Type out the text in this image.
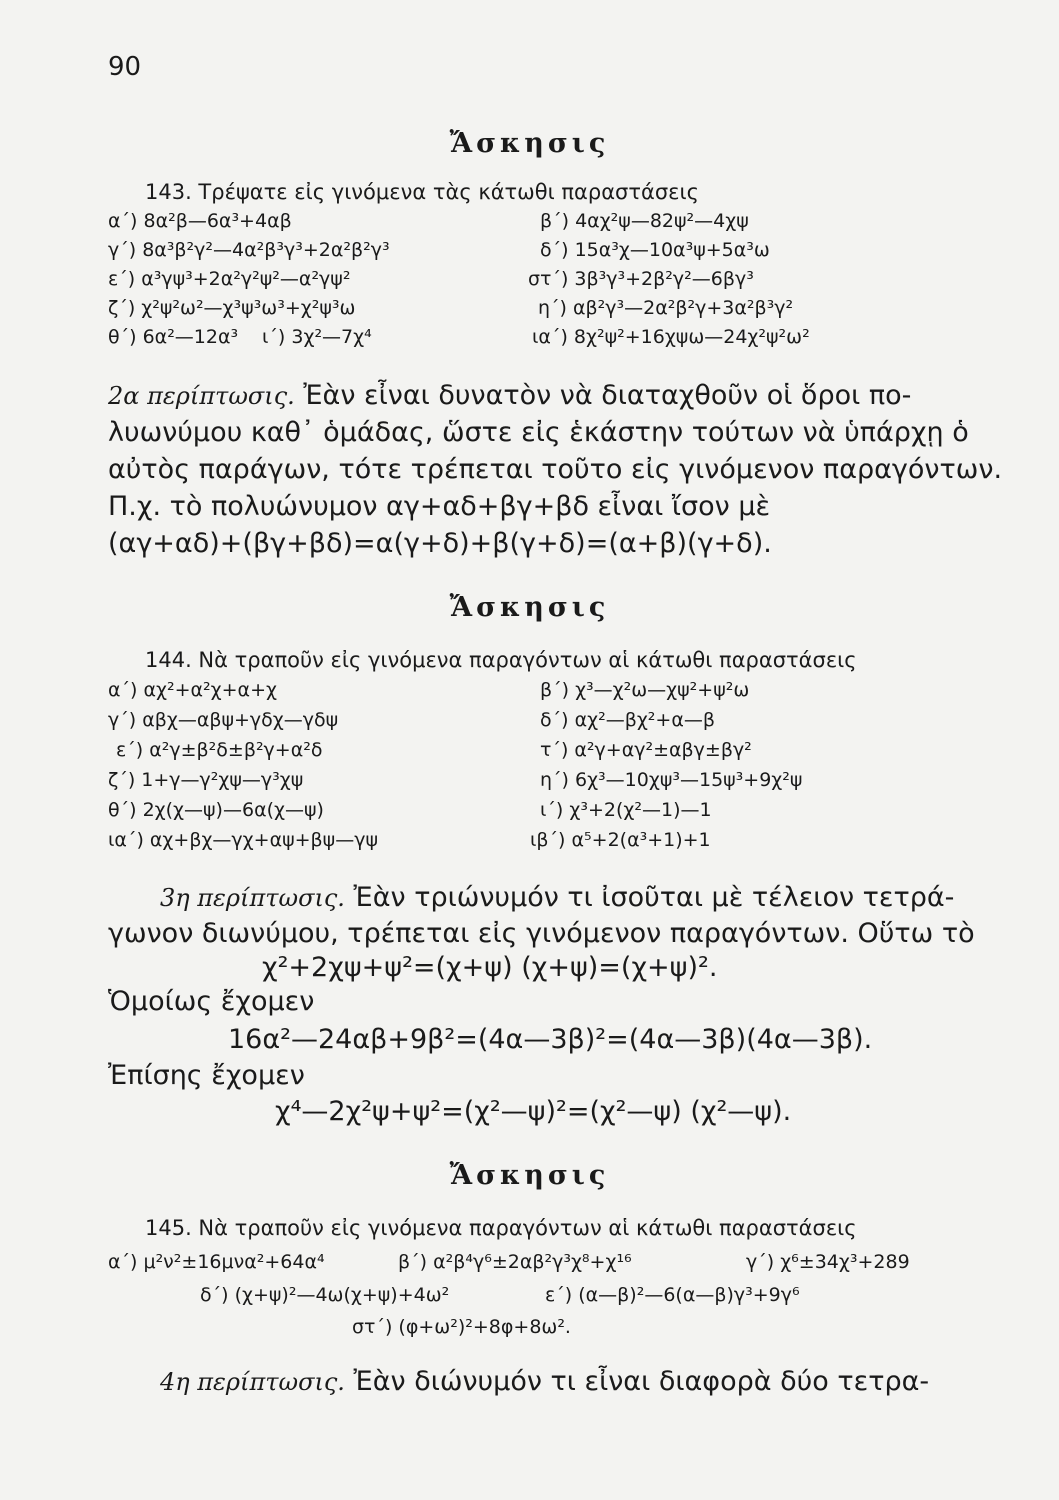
90
Ἄσκησις
143. Τρέψατε εἰς γινόμενα τὰς κάτωθι παραστάσεις
α΄) 8α²β—6α³+4αβ	β΄) 4αχ²ψ—82ψ²—4χψ
γ΄) 8α³β²γ²—4α²β³γ³+2α²β²γ³	δ΄) 15α³χ—10α³ψ+5α³ω
ε΄) α³γψ³+2α²γ²ψ²—α²γψ²	στ΄) 3β³γ³+2β²γ²—6βγ³
ζ΄) χ²ψ²ω²—χ³ψ³ω³+χ²ψ³ω	η΄) αβ²γ³—2α²β²γ+3α²β³γ²
θ΄) 6α²—12α³ ι΄) 3χ²—7χ⁴	ια΄) 8χ²ψ²+16χψω—24χ²ψ²ω²
2α περίπτωσις. Ἐὰν εἶναι δυνατὸν νὰ διαταχθοῦν οἱ ὅροι πο-
λυωνύμου καθ᾽ ὁμάδας, ὥστε εἰς ἑκάστην τούτων νὰ ὑπάρχῃ ὁ
αὐτὸς παράγων, τότε τρέπεται τοῦτο εἰς γινόμενον παραγόντων.
Π.χ. τὸ πολυώνυμον αγ+αδ+βγ+βδ εἶναι ἴσον μὲ
(αγ+αδ)+(βγ+βδ)=α(γ+δ)+β(γ+δ)=(α+β)(γ+δ).
Ἄσκησις
144. Νὰ τραποῦν εἰς γινόμενα παραγόντων αἱ κάτωθι παραστάσεις
α΄) αχ²+α²χ+α+χ	β΄) χ³—χ²ω—χψ²+ψ²ω
γ΄) αβχ—αβψ+γδχ—γδψ	δ΄) αχ²—βχ²+α—β
ε΄) α²γ±β²δ±β²γ+α²δ	τ΄) α²γ+αγ²±αβγ±βγ²
ζ΄) 1+γ—γ²χψ—γ³χψ	η΄) 6χ³—10χψ³—15ψ³+9χ²ψ
θ΄) 2χ(χ—ψ)—6α(χ—ψ)	ι΄) χ³+2(χ²—1)—1
ια΄) αχ+βχ—γχ+αψ+βψ—γψ	ιβ΄) α⁵+2(α³+1)+1
3η περίπτωσις. Ἐὰν τριώνυμόν τι ἰσοῦται μὲ τέλειον τετρά-
γωνον διωνύμου, τρέπεται εἰς γινόμενον παραγόντων. Οὕτω τὸ
χ²+2χψ+ψ²=(χ+ψ) (χ+ψ)=(χ+ψ)².
Ὁμοίως ἔχομεν
16α²—24αβ+9β²=(4α—3β)²=(4α—3β)(4α—3β).
Ἐπίσης ἔχομεν
χ⁴—2χ²ψ+ψ²=(χ²—ψ)²=(χ²—ψ) (χ²—ψ).
Ἄσκησις
145. Νὰ τραποῦν εἰς γινόμενα παραγόντων αἱ κάτωθι παραστάσεις
α΄) μ²ν²±16μνα²+64α⁴	β΄) α²β⁴γ⁶±2αβ²γ³χ⁸+χ¹⁶	γ΄) χ⁶±34χ³+289
δ΄) (χ+ψ)²—4ω(χ+ψ)+4ω²	ε΄) (α—β)²—6(α—β)γ³+9γ⁶
στ΄) (φ+ω²)²+8φ+8ω².
4η περίπτωσις. Ἐὰν διώνυμόν τι εἶναι διαφορὰ δύο τετρα-
